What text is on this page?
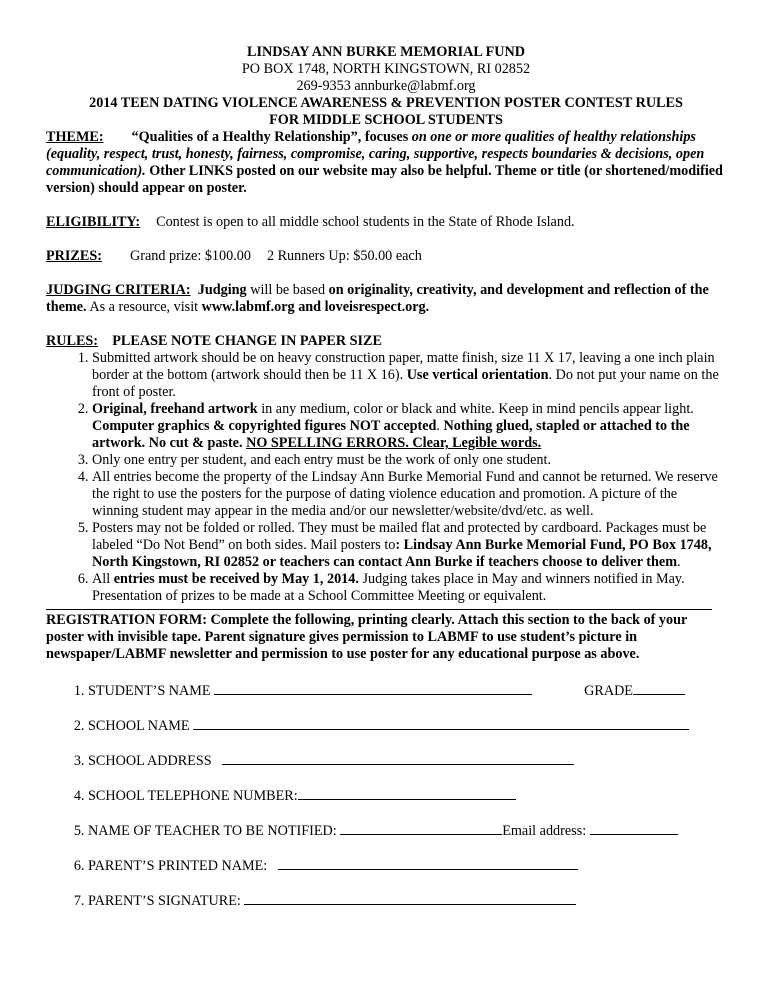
LINDSAY ANN BURKE MEMORIAL FUND

PO BOX 1748, NORTH KINGSTOWN, RI 02852

269-9353 annburke@labmf.org

2014 TEEN DATING VIOLENCE AWARENESS & PREVENTION POSTER CONTEST RULES

FOR MIDDLE SCHOOL STUDENTS

THEME: “Qualities of a Healthy Relationship”, focuses on one or more qualities of healthy relationships (equality, respect, trust, honesty, fairness, compromise, caring, supportive, respects boundaries & decisions, open communication). Other LINKS posted on our website may also be helpful. Theme or title (or shortened/modified version) should appear on poster.

ELIGIBILITY: Contest is open to all middle school students in the State of Rhode Island.

PRIZES: Grand prize: $100.00 2 Runners Up: $50.00 each

JUDGING CRITERIA: Judging will be based on originality, creativity, and development and reflection of the theme. As a resource, visit www.labmf.org and loveisrespect.org.

RULES: PLEASE NOTE CHANGE IN PAPER SIZE

1. Submitted artwork should be on heavy construction paper, matte finish, size 11 X 17, leaving a one inch plain border at the bottom (artwork should then be 11 X 16). Use vertical orientation. Do not put your name on the front of poster.
2. Original, freehand artwork in any medium, color or black and white. Keep in mind pencils appear light. Computer graphics & copyrighted figures NOT accepted. Nothing glued, stapled or attached to the artwork. No cut & paste. NO SPELLING ERRORS. Clear, Legible words.
3. Only one entry per student, and each entry must be the work of only one student.
4. All entries become the property of the Lindsay Ann Burke Memorial Fund and cannot be returned. We reserve the right to use the posters for the purpose of dating violence education and promotion. A picture of the winning student may appear in the media and/or our newsletter/website/dvd/etc. as well.
5. Posters may not be folded or rolled. They must be mailed flat and protected by cardboard. Packages must be labeled “Do Not Bend” on both sides. Mail posters to: Lindsay Ann Burke Memorial Fund, PO Box 1748, North Kingstown, RI 02852 or teachers can contact Ann Burke if teachers choose to deliver them.
6. All entries must be received by May 1, 2014. Judging takes place in May and winners notified in May. Presentation of prizes to be made at a School Committee Meeting or equivalent.

REGISTRATION FORM: Complete the following, printing clearly. Attach this section to the back of your poster with invisible tape. Parent signature gives permission to LABMF to use student’s picture in newspaper/LABMF newsletter and permission to use poster for any educational purpose as above.

1. STUDENT’S NAME	GRADE
2. SCHOOL NAME
3. SCHOOL ADDRESS
4. SCHOOL TELEPHONE NUMBER:
5. NAME OF TEACHER TO BE NOTIFIED:	Email address:
6. PARENT’S PRINTED NAME:
7. PARENT’S SIGNATURE:
